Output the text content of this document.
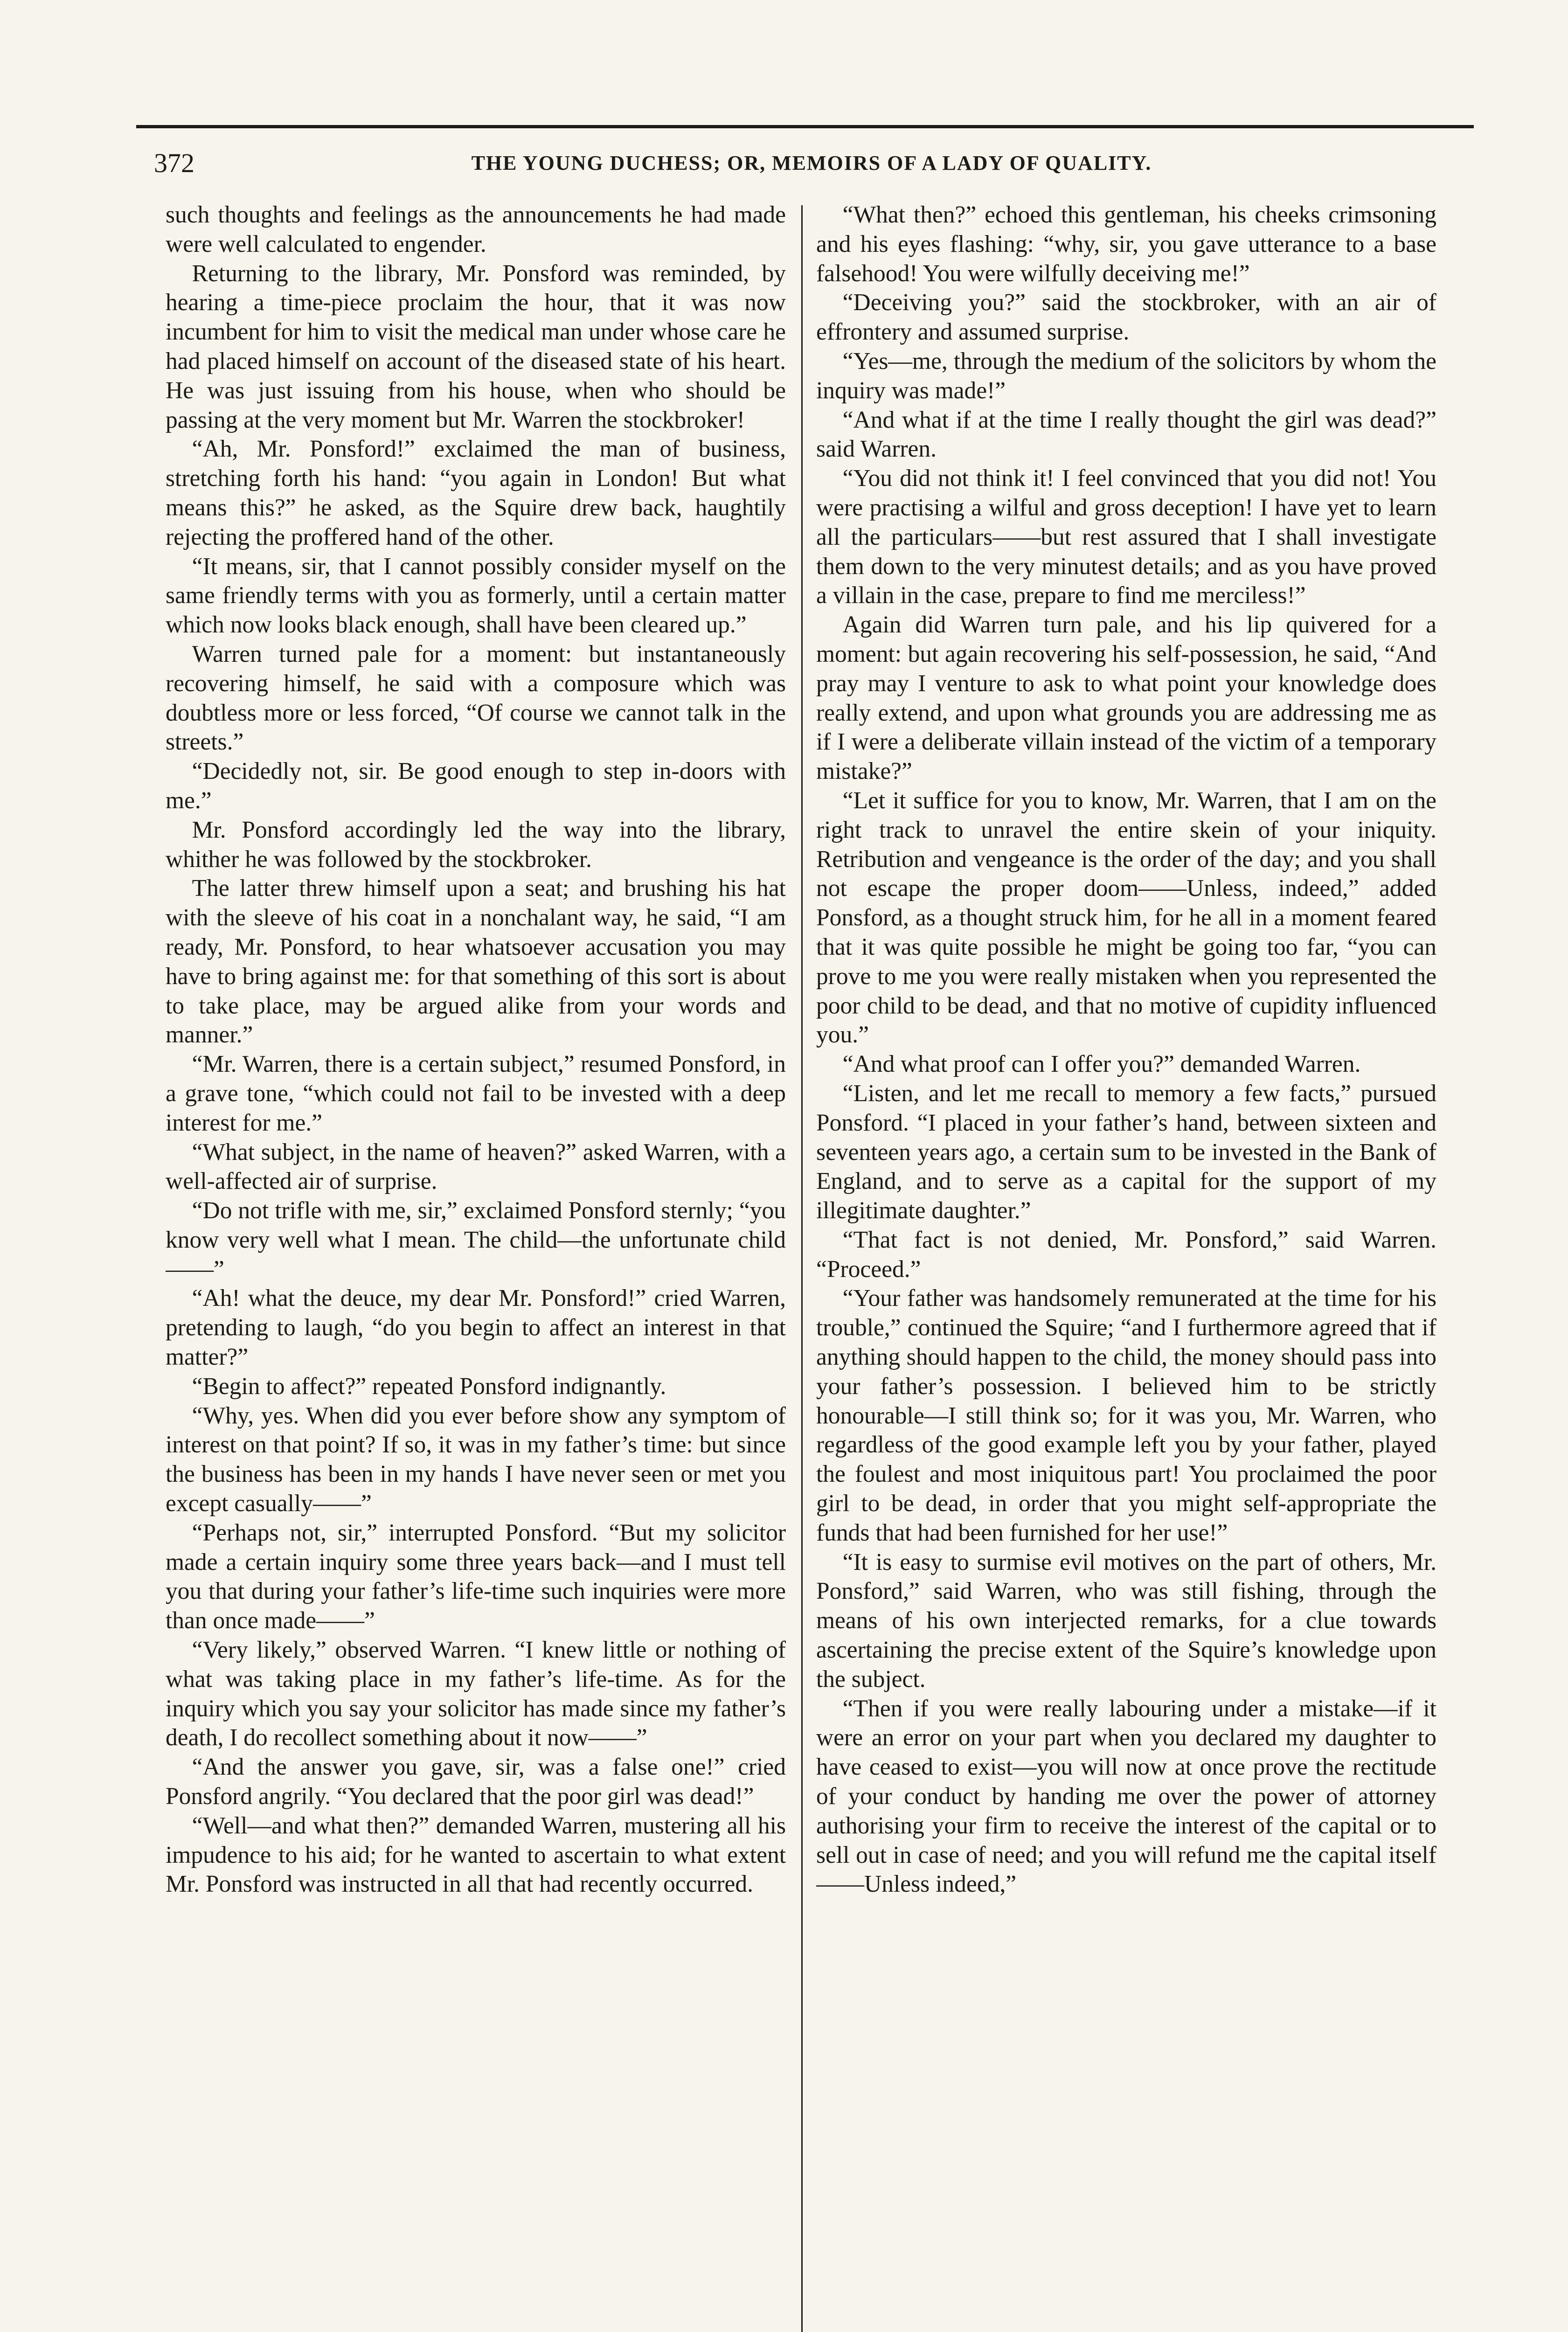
372	THE YOUNG DUCHESS; OR, MEMOIRS OF A LADY OF QUALITY.

such thoughts and feelings as the announcements he had made were well calculated to engender.

Returning to the library, Mr. Ponsford was reminded, by hearing a time-piece proclaim the hour, that it was now incumbent for him to visit the medical man under whose care he had placed himself on account of the diseased state of his heart. He was just issuing from his house, when who should be passing at the very moment but Mr. Warren the stockbroker!

“Ah, Mr. Ponsford!” exclaimed the man of business, stretching forth his hand: “you again in London! But what means this?” he asked, as the Squire drew back, haughtily rejecting the proffered hand of the other.

“It means, sir, that I cannot possibly consider myself on the same friendly terms with you as formerly, until a certain matter which now looks black enough, shall have been cleared up.”

Warren turned pale for a moment: but instantaneously recovering himself, he said with a composure which was doubtless more or less forced, “Of course we cannot talk in the streets.”

“Decidedly not, sir. Be good enough to step in-doors with me.”

Mr. Ponsford accordingly led the way into the library, whither he was followed by the stockbroker.

The latter threw himself upon a seat; and brushing his hat with the sleeve of his coat in a nonchalant way, he said, “I am ready, Mr. Ponsford, to hear whatsoever accusation you may have to bring against me: for that something of this sort is about to take place, may be argued alike from your words and manner.”

“Mr. Warren, there is a certain subject,” resumed Ponsford, in a grave tone, “which could not fail to be invested with a deep interest for me.”

“What subject, in the name of heaven?” asked Warren, with a well-affected air of surprise.

“Do not trifle with me, sir,” exclaimed Ponsford sternly; “you know very well what I mean. The child—the unfortunate child——”

“Ah! what the deuce, my dear Mr. Ponsford!” cried Warren, pretending to laugh, “do you begin to affect an interest in that matter?”

“Begin to affect?” repeated Ponsford indignantly.

“Why, yes. When did you ever before show any symptom of interest on that point? If so, it was in my father’s time: but since the business has been in my hands I have never seen or met you except casually——”

“Perhaps not, sir,” interrupted Ponsford. “But my solicitor made a certain inquiry some three years back—and I must tell you that during your father’s life-time such inquiries were more than once made——”

“Very likely,” observed Warren. “I knew little or nothing of what was taking place in my father’s life-time. As for the inquiry which you say your solicitor has made since my father’s death, I do recollect something about it now——”

“And the answer you gave, sir, was a false one!” cried Ponsford angrily. “You declared that the poor girl was dead!”

“Well—and what then?” demanded Warren, mustering all his impudence to his aid; for he wanted to ascertain to what extent Mr. Ponsford was instructed in all that had recently occurred.

“What then?” echoed this gentleman, his cheeks crimsoning and his eyes flashing: “why, sir, you gave utterance to a base falsehood! You were wilfully deceiving me!”

“Deceiving you?” said the stockbroker, with an air of effrontery and assumed surprise.

“Yes—me, through the medium of the solicitors by whom the inquiry was made!”

“And what if at the time I really thought the girl was dead?” said Warren.

“You did not think it! I feel convinced that you did not! You were practising a wilful and gross deception! I have yet to learn all the particulars——but rest assured that I shall investigate them down to the very minutest details; and as you have proved a villain in the case, prepare to find me merciless!”

Again did Warren turn pale, and his lip quivered for a moment: but again recovering his self-possession, he said, “And pray may I venture to ask to what point your knowledge does really extend, and upon what grounds you are addressing me as if I were a deliberate villain instead of the victim of a temporary mistake?”

“Let it suffice for you to know, Mr. Warren, that I am on the right track to unravel the entire skein of your iniquity. Retribution and vengeance is the order of the day; and you shall not escape the proper doom——Unless, indeed,” added Ponsford, as a thought struck him, for he all in a moment feared that it was quite possible he might be going too far, “you can prove to me you were really mistaken when you represented the poor child to be dead, and that no motive of cupidity influenced you.”

“And what proof can I offer you?” demanded Warren.

“Listen, and let me recall to memory a few facts,” pursued Ponsford. “I placed in your father’s hand, between sixteen and seventeen years ago, a certain sum to be invested in the Bank of England, and to serve as a capital for the support of my illegitimate daughter.”

“That fact is not denied, Mr. Ponsford,” said Warren. “Proceed.”

“Your father was handsomely remunerated at the time for his trouble,” continued the Squire; “and I furthermore agreed that if anything should happen to the child, the money should pass into your father’s possession. I believed him to be strictly honourable—I still think so; for it was you, Mr. Warren, who regardless of the good example left you by your father, played the foulest and most iniquitous part! You proclaimed the poor girl to be dead, in order that you might self-appropriate the funds that had been furnished for her use!”

“It is easy to surmise evil motives on the part of others, Mr. Ponsford,” said Warren, who was still fishing, through the means of his own interjected remarks, for a clue towards ascertaining the precise extent of the Squire’s knowledge upon the subject.

“Then if you were really labouring under a mistake—if it were an error on your part when you declared my daughter to have ceased to exist—you will now at once prove the rectitude of your conduct by handing me over the power of attorney authorising your firm to receive the interest of the capital or to sell out in case of need; and you will refund me the capital itself——Unless indeed,”
